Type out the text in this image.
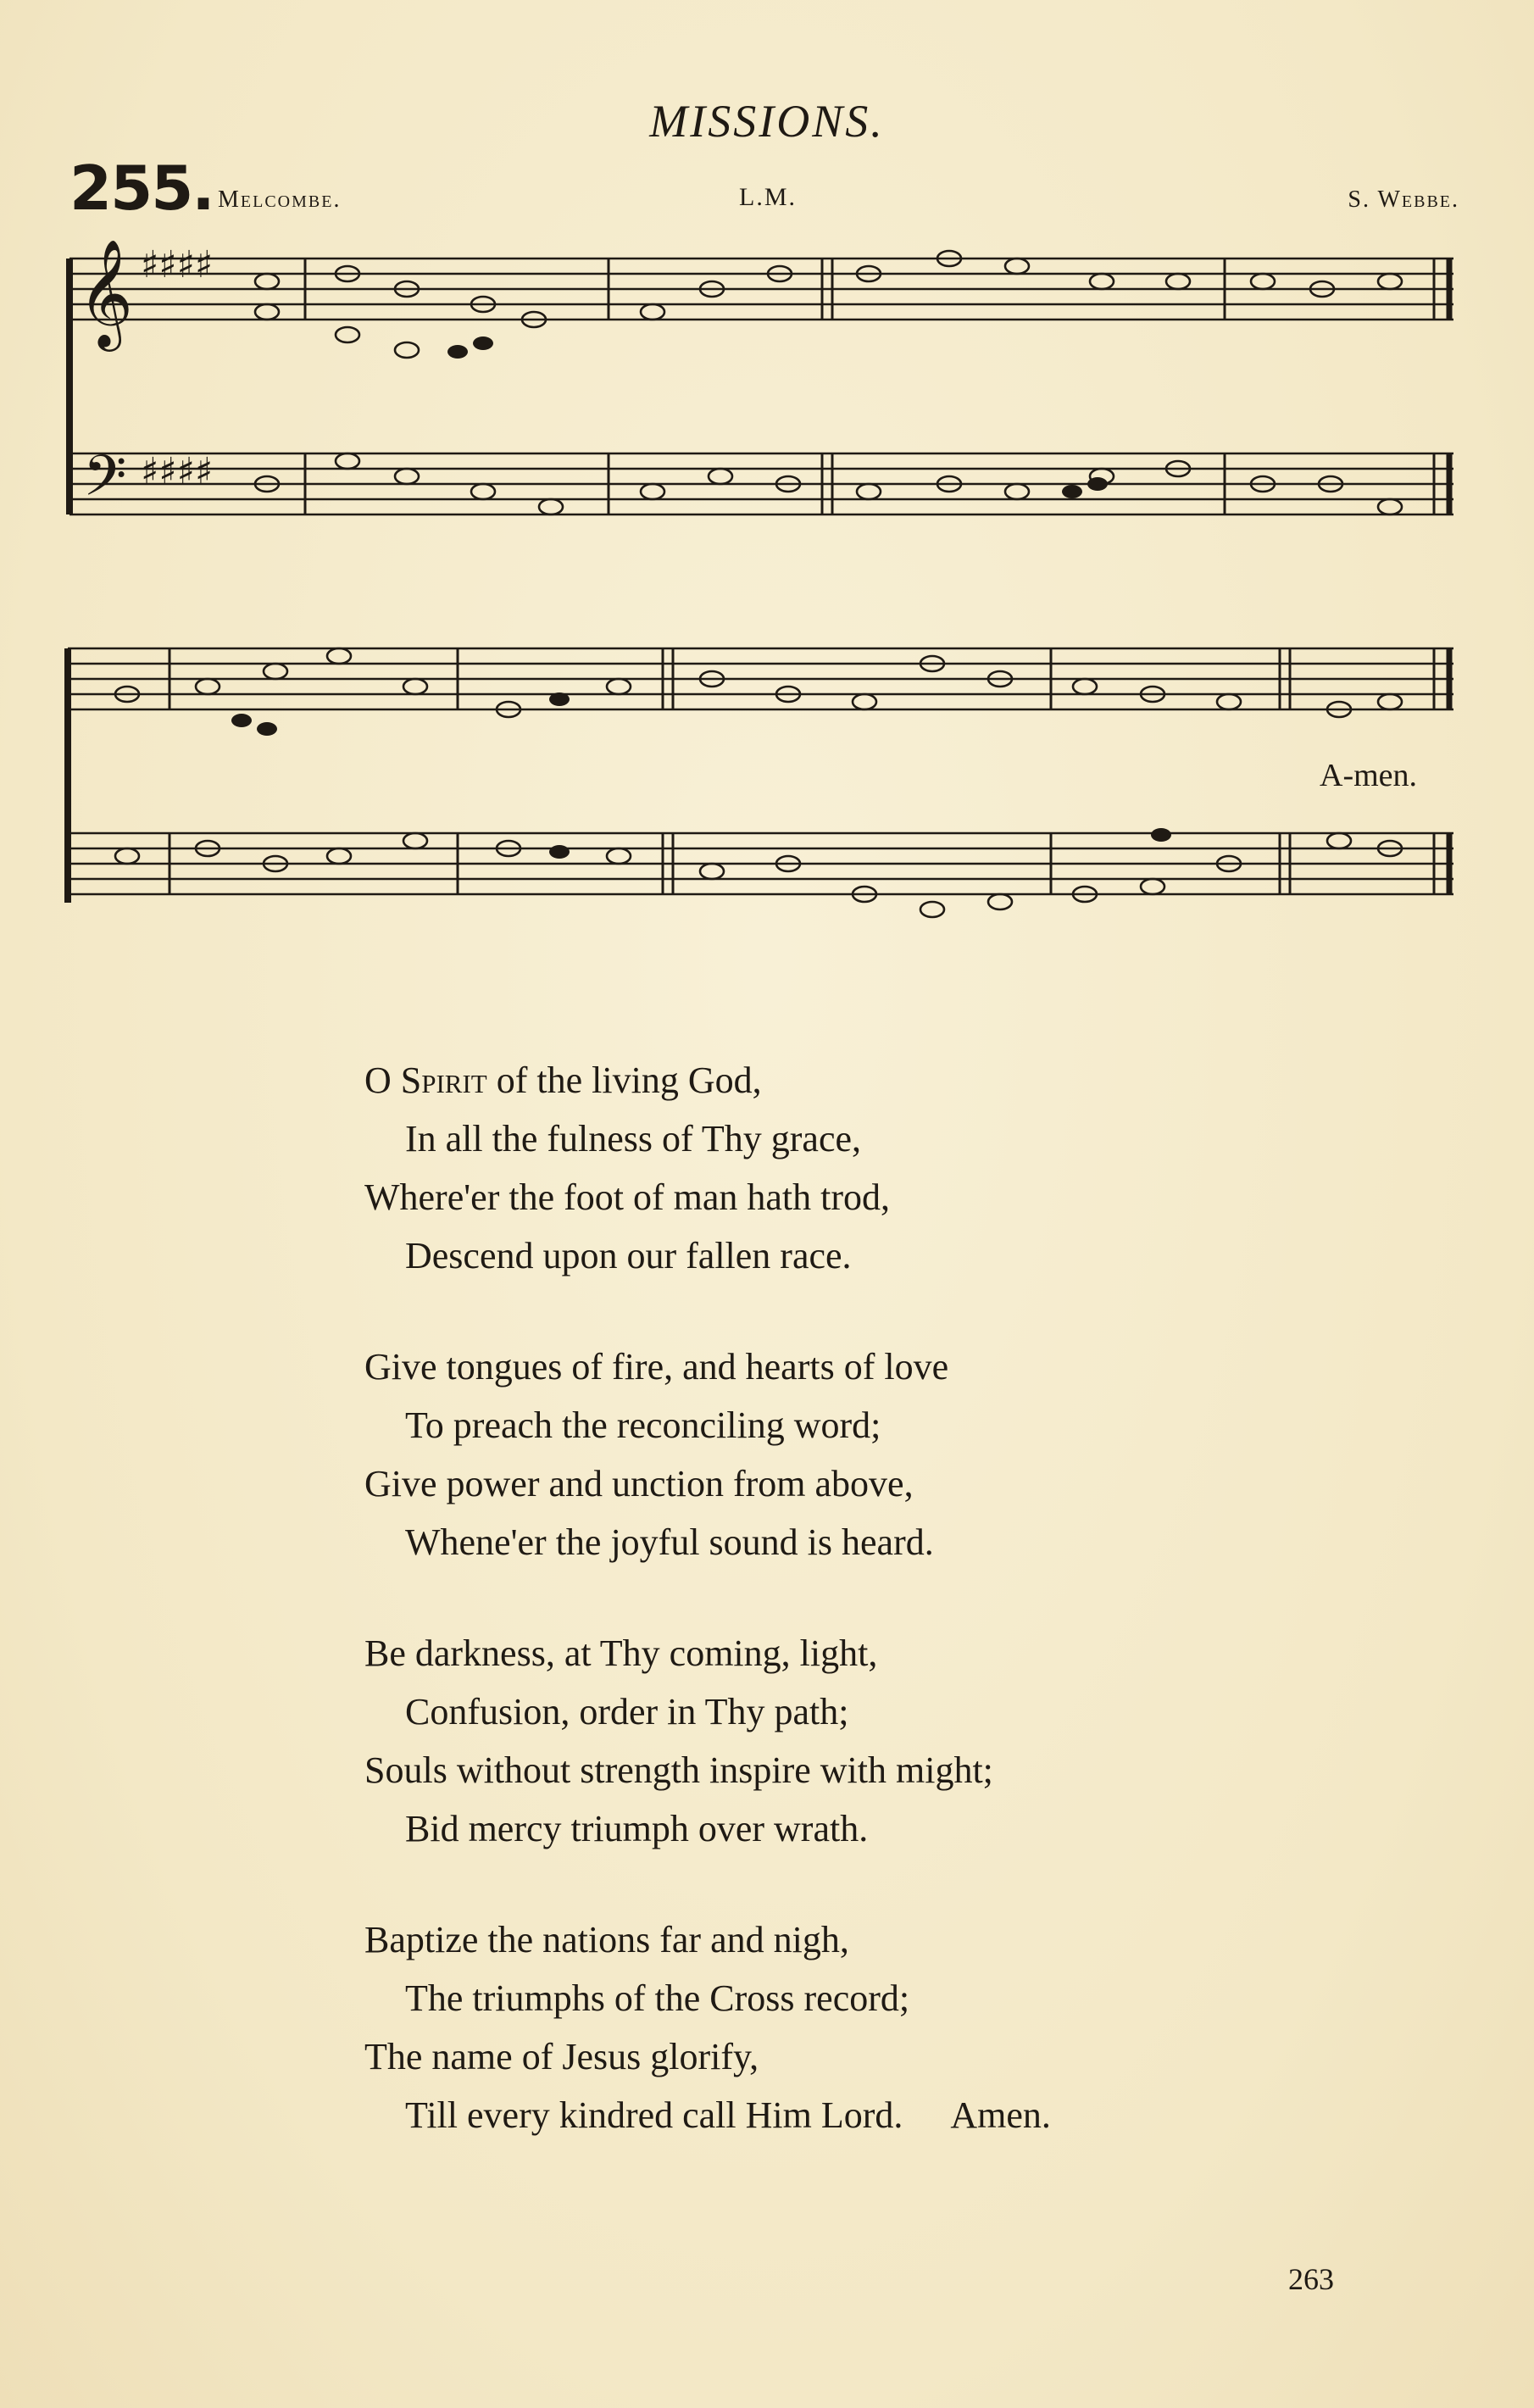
MISSIONS.
255. Melcombe.	L.M.	S. Webbe.
𝄞
𝄢
♯♯♯♯
♯♯♯♯
A-men.
O Spirit of the living God,
In all the fulness of Thy grace,
Where'er the foot of man hath trod,
Descend upon our fallen race.
Give tongues of fire, and hearts of love
To preach the reconciling word;
Give power and unction from above,
Whene'er the joyful sound is heard.
Be darkness, at Thy coming, light,
Confusion, order in Thy path;
Souls without strength inspire with might;
Bid mercy triumph over wrath.
Baptize the nations far and nigh,
The triumphs of the Cross record;
The name of Jesus glorify,
Till every kindred call Him Lord. Amen.
263
